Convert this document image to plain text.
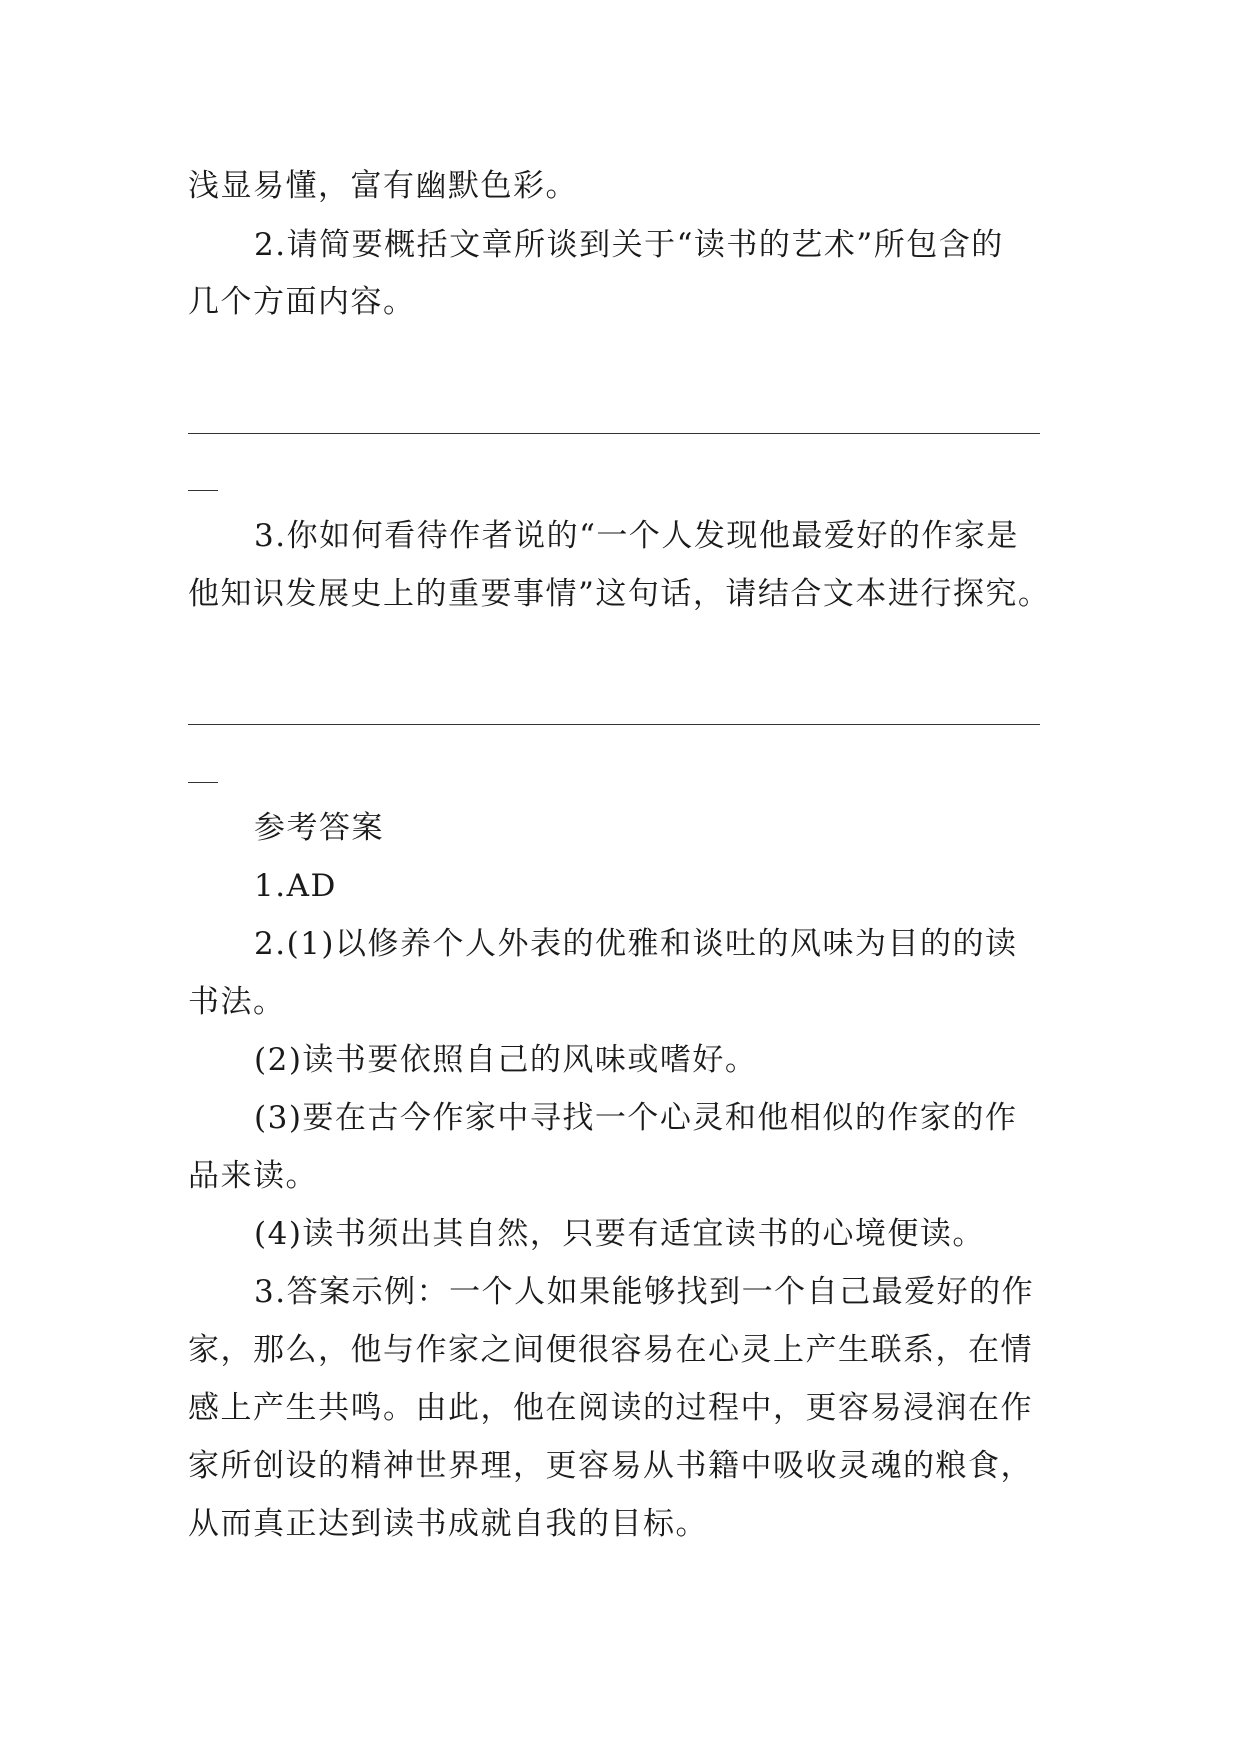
浅显易懂，富有幽默色彩。
2.请简要概括文章所谈到关于“读书的艺术”所包含的
几个方面内容。
3.你如何看待作者说的“一个人发现他最爱好的作家是
他知识发展史上的重要事情”这句话，请结合文本进行探究。
参考答案
1.AD
2.(1)以修养个人外表的优雅和谈吐的风味为目的的读
书法。
(2)读书要依照自己的风味或嗜好。
(3)要在古今作家中寻找一个心灵和他相似的作家的作
品来读。
(4)读书须出其自然，只要有适宜读书的心境便读。
3.答案示例：一个人如果能够找到一个自己最爱好的作
家，那么，他与作家之间便很容易在心灵上产生联系，在情
感上产生共鸣。由此，他在阅读的过程中，更容易浸润在作
家所创设的精神世界理，更容易从书籍中吸收灵魂的粮食，
从而真正达到读书成就自我的目标。
